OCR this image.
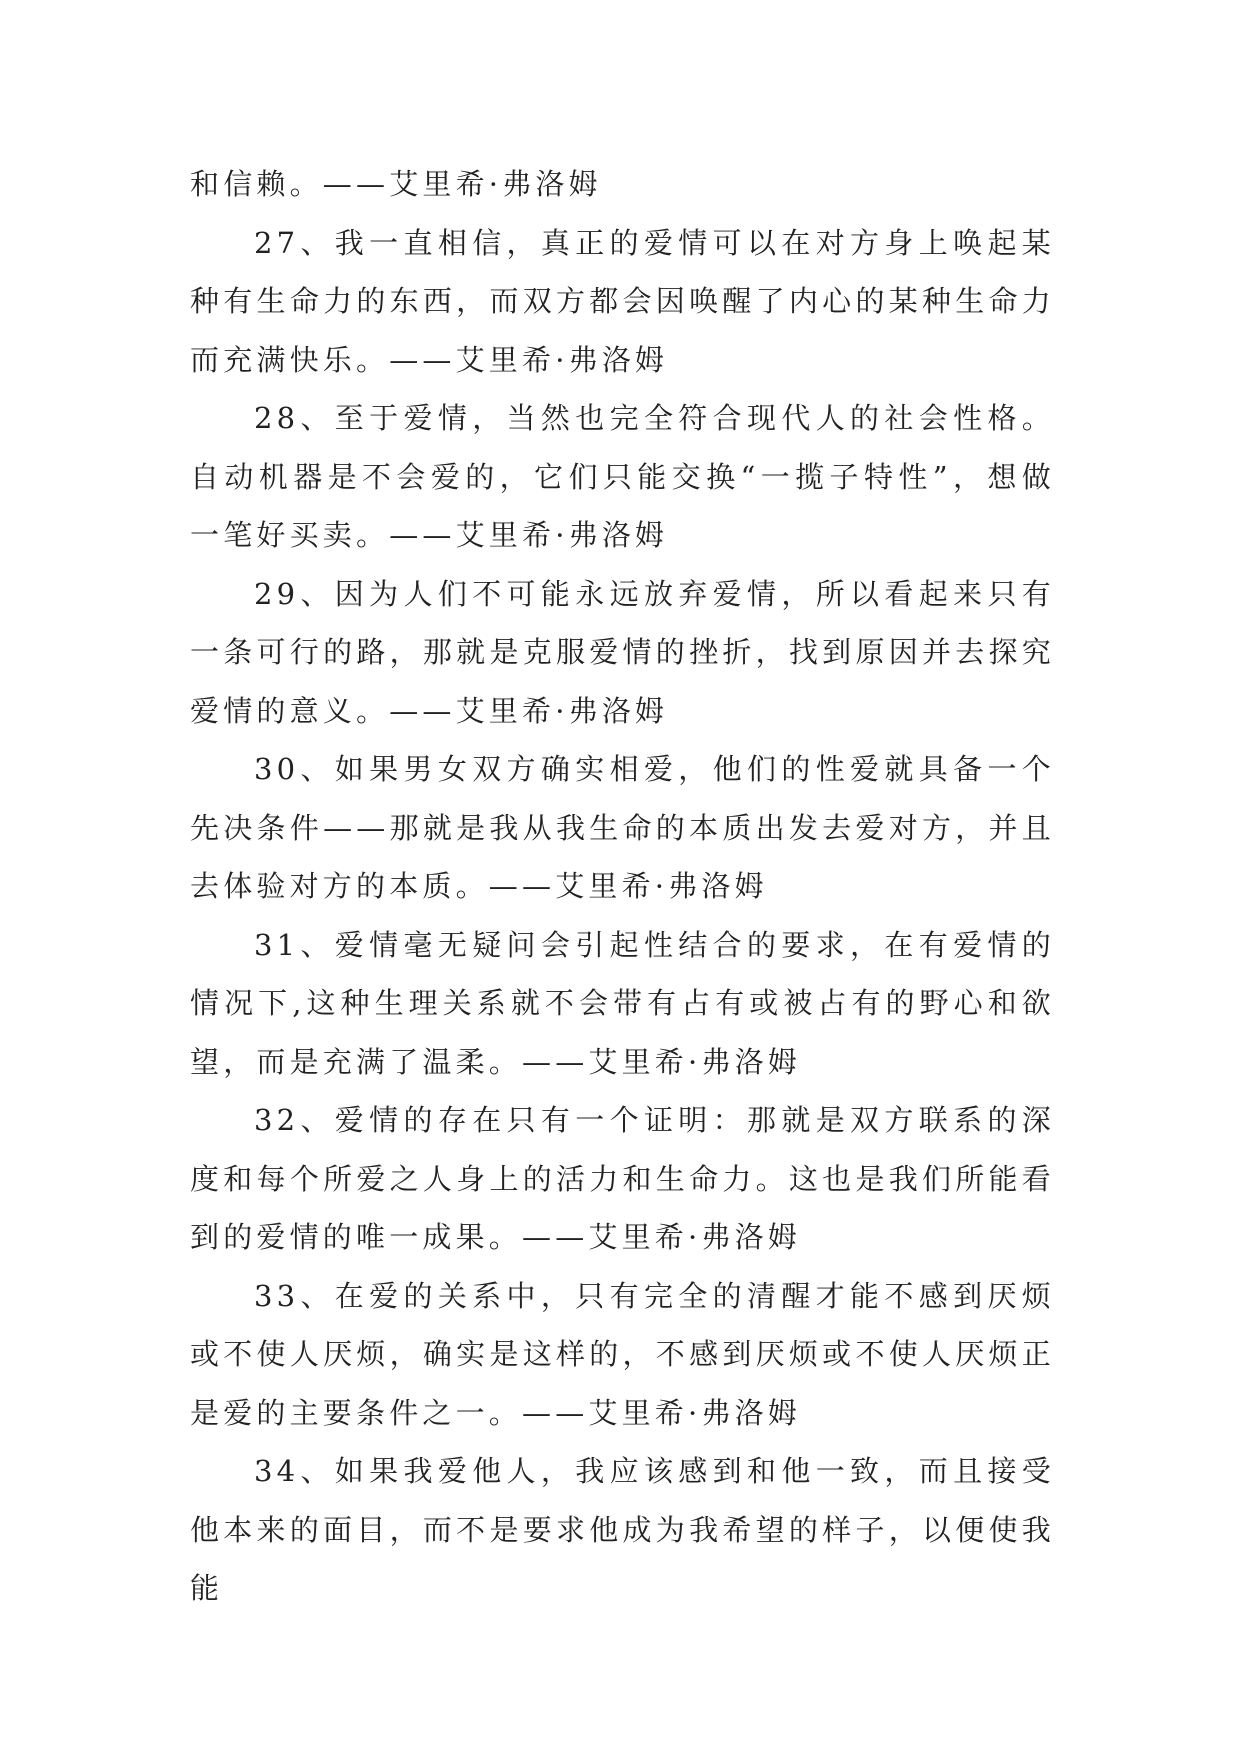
和信赖。——艾里希·弗洛姆

27、我一直相信，真正的爱情可以在对方身上唤起某种有生命力的东西，而双方都会因唤醒了内心的某种生命力而充满快乐。——艾里希·弗洛姆

28、至于爱情，当然也完全符合现代人的社会性格。自动机器是不会爱的，它们只能交换“一揽子特性”，想做一笔好买卖。——艾里希·弗洛姆

29、因为人们不可能永远放弃爱情，所以看起来只有一条可行的路，那就是克服爱情的挫折，找到原因并去探究爱情的意义。——艾里希·弗洛姆

30、如果男女双方确实相爱，他们的性爱就具备一个先决条件——那就是我从我生命的本质出发去爱对方，并且去体验对方的本质。——艾里希·弗洛姆

31、爱情毫无疑问会引起性结合的要求，在有爱情的情况下,这种生理关系就不会带有占有或被占有的野心和欲望，而是充满了温柔。——艾里希·弗洛姆

32、爱情的存在只有一个证明：那就是双方联系的深度和每个所爱之人身上的活力和生命力。这也是我们所能看到的爱情的唯一成果。——艾里希·弗洛姆

33、在爱的关系中，只有完全的清醒才能不感到厌烦或不使人厌烦，确实是这样的，不感到厌烦或不使人厌烦正是爱的主要条件之一。——艾里希·弗洛姆

34、如果我爱他人，我应该感到和他一致，而且接受他本来的面目，而不是要求他成为我希望的样子，以便使我能
